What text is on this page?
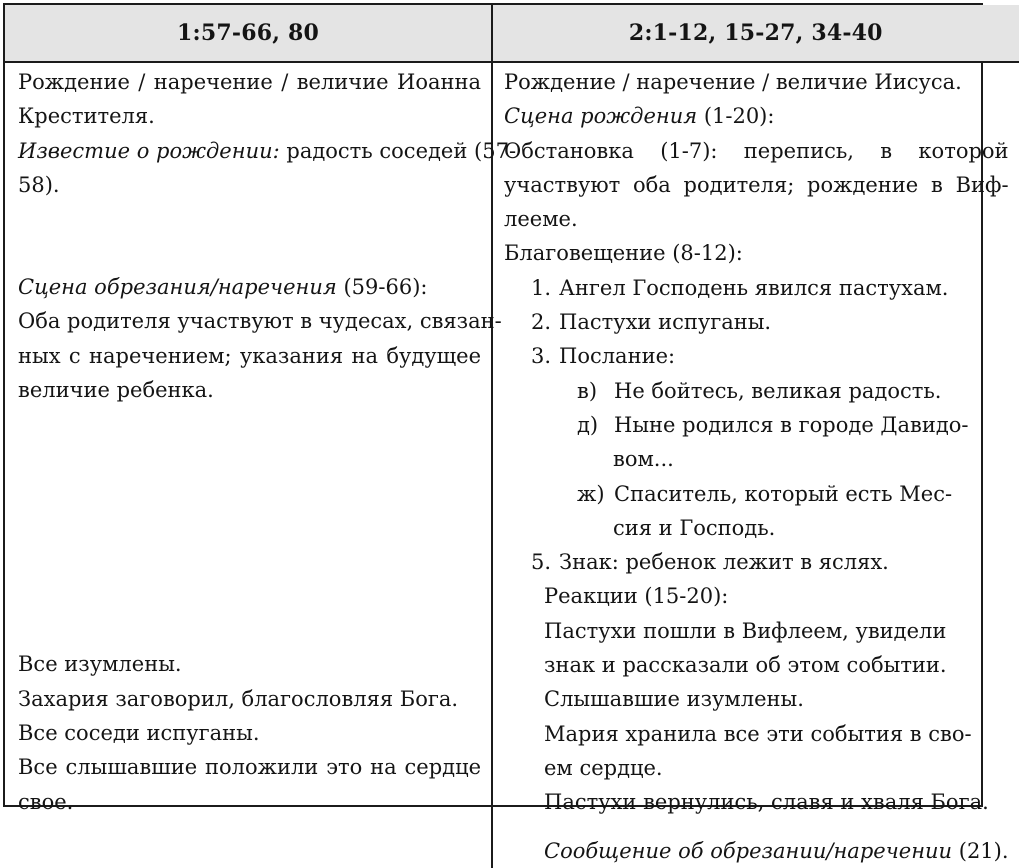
1:57-66, 80	2:1-12, 15-27, 34-40
Рождение / наречение / величие Иоанна
Крестителя.
Известие о рождении: радость соседей (57-
58).
Сцена обрезания/наречения (59-66):
Оба родителя участвуют в чудесах, связан-
ных с наречением; указания на будущее
величие ребенка.
Все изумлены.
Захария заговорил, благословляя Бога.
Все соседи испуганы.
Все слышавшие положили это на сердце
свое.
Рождение / наречение / величие Иисуса.
Сцена рождения (1-20):
Обстановка (1-7): перепись, в которой
участвуют оба родителя; рождение в Виф-
лееме.
Благовещение (8-12):
1. Ангел Господень явился пастухам.
2. Пастухи испуганы.
3. Послание:
в) Не бойтесь, великая радость.
д) Ныне родился в городе Давидо-
вом...
ж) Спаситель, который есть Мес-
сия и Господь.
5. Знак: ребенок лежит в яслях.
Реакции (15-20):
Пастухи пошли в Вифлеем, увидели
знак и рассказали об этом событии.
Слышавшие изумлены.
Мария хранила все эти события в сво-
ем сердце.
Пастухи вернулись, славя и хваля Бога.
Сообщение об обрезании/наречении (21).
